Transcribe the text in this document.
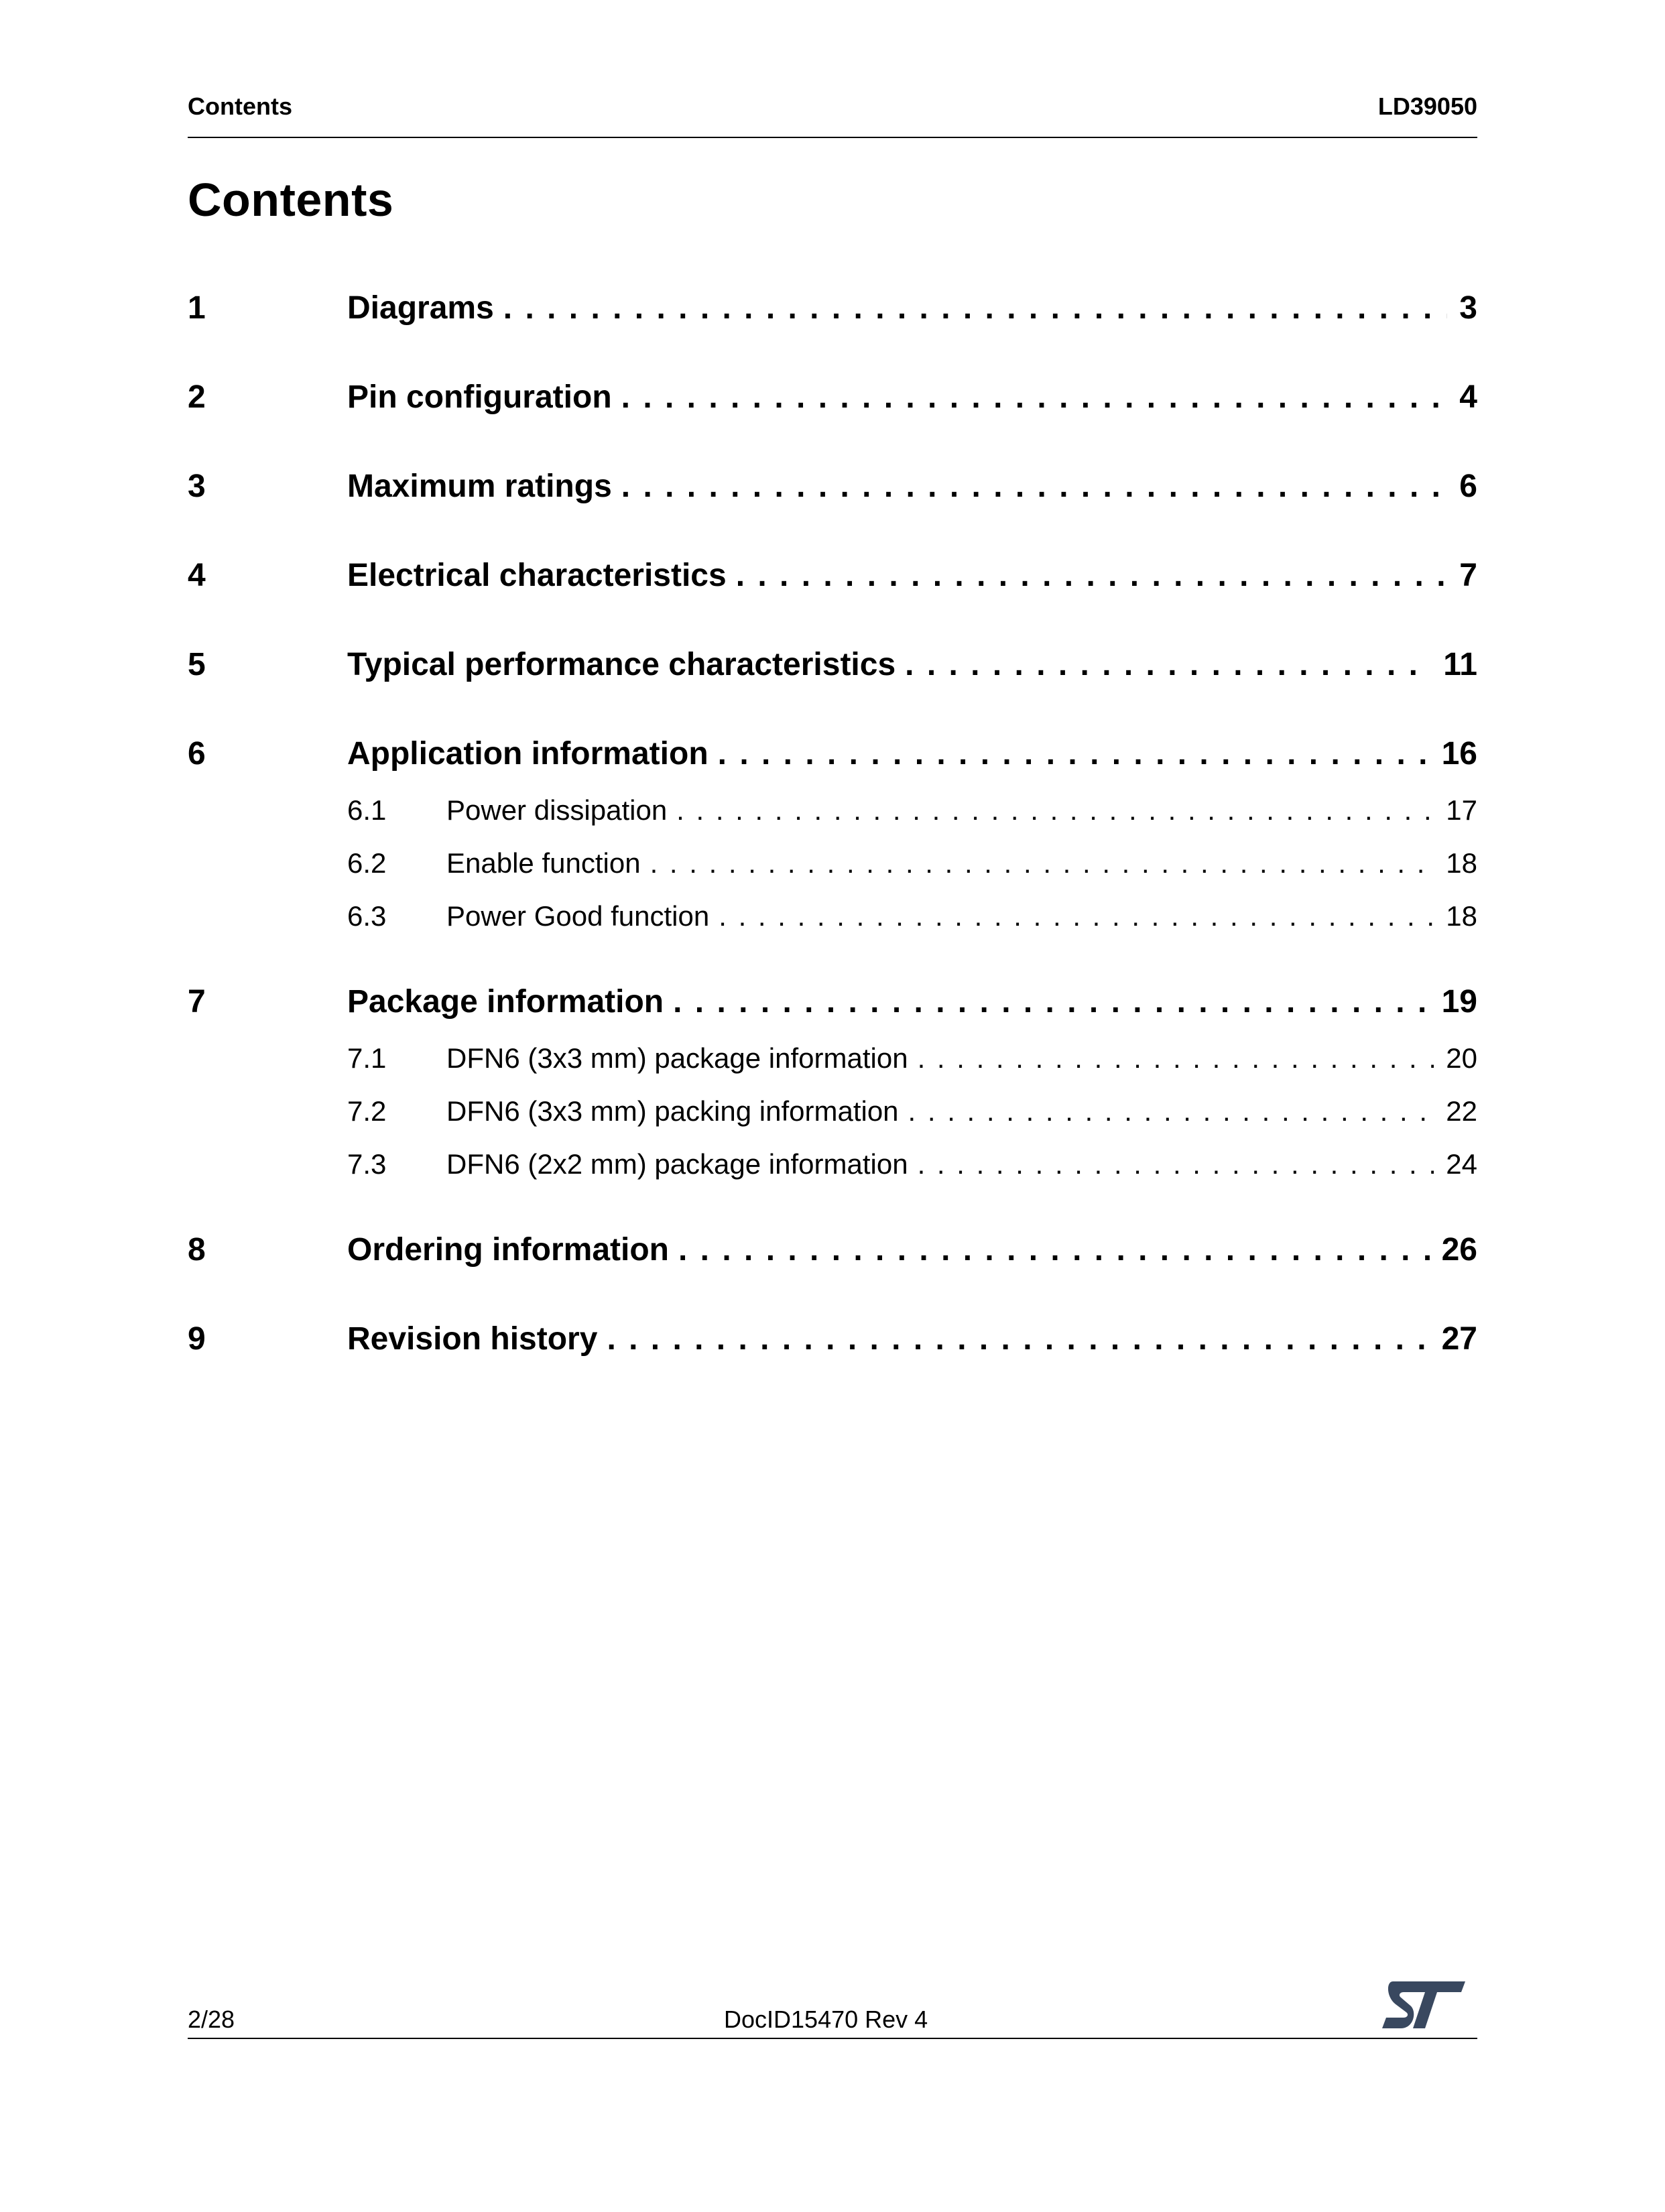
Contents	LD39050
Contents
1	Diagrams . . .	3
2	Pin configuration . . .	4
3	Maximum ratings . . .	6
4	Electrical characteristics . . .	7
5	Typical performance characteristics . . .	11
6	Application information . . .	16
6.1	Power dissipation . . .	17
6.2	Enable function . . .	18
6.3	Power Good function . . .	18
7	Package information . . .	19
7.1	DFN6 (3x3 mm) package information . . .	20
7.2	DFN6 (3x3 mm) packing information . . .	22
7.3	DFN6 (2x2 mm) package information . . .	24
8	Ordering information . . .	26
9	Revision history . . .	27
2/28	DocID15470 Rev 4
